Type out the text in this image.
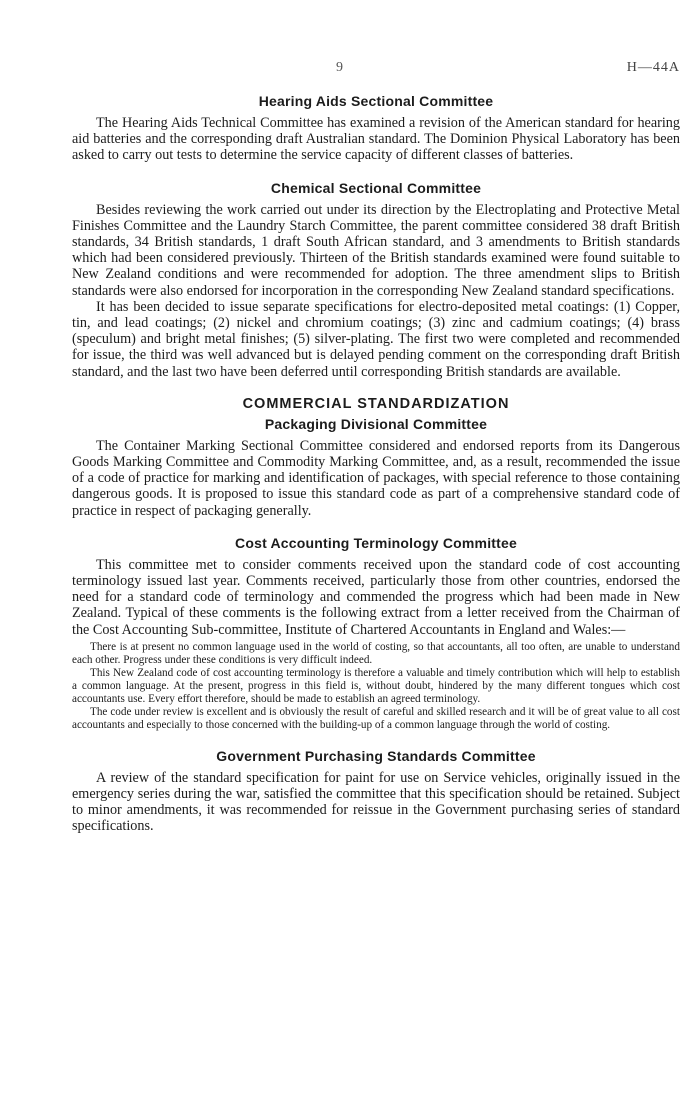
9	H—44A
Hearing Aids Sectional Committee

The Hearing Aids Technical Committee has examined a revision of the American standard for hearing aid batteries and the corresponding draft Australian standard. The Dominion Physical Laboratory has been asked to carry out tests to determine the service capacity of different classes of batteries.

Chemical Sectional Committee

Besides reviewing the work carried out under its direction by the Electroplating and Protective Metal Finishes Committee and the Laundry Starch Committee, the parent committee considered 38 draft British standards, 34 British standards, 1 draft South African standard, and 3 amendments to British standards which had been considered previously. Thirteen of the British standards examined were found suitable to New Zealand conditions and were recommended for adoption. The three amendment slips to British standards were also endorsed for incorporation in the corresponding New Zealand standard specifications.

It has been decided to issue separate specifications for electro-deposited metal coatings: (1) Copper, tin, and lead coatings; (2) nickel and chromium coatings; (3) zinc and cadmium coatings; (4) brass (speculum) and bright metal finishes; (5) silver-plating. The first two were completed and recommended for issue, the third was well advanced but is delayed pending comment on the corresponding draft British standard, and the last two have been deferred until corresponding British standards are available.

COMMERCIAL STANDARDIZATION
Packaging Divisional Committee

The Container Marking Sectional Committee considered and endorsed reports from its Dangerous Goods Marking Committee and Commodity Marking Committee, and, as a result, recommended the issue of a code of practice for marking and identification of packages, with special reference to those containing dangerous goods. It is proposed to issue this standard code as part of a comprehensive standard code of practice in respect of packaging generally.

Cost Accounting Terminology Committee

This committee met to consider comments received upon the standard code of cost accounting terminology issued last year. Comments received, particularly those from other countries, endorsed the need for a standard code of terminology and commended the progress which had been made in New Zealand. Typical of these comments is the following extract from a letter received from the Chairman of the Cost Accounting Sub-committee, Institute of Chartered Accountants in England and Wales:—

There is at present no common language used in the world of costing, so that accountants, all too often, are unable to understand each other. Progress under these conditions is very difficult indeed.

This New Zealand code of cost accounting terminology is therefore a valuable and timely contribution which will help to establish a common language. At the present, progress in this field is, without doubt, hindered by the many different tongues which cost accountants use. Every effort therefore, should be made to establish an agreed terminology.

The code under review is excellent and is obviously the result of careful and skilled research and it will be of great value to all cost accountants and especially to those concerned with the building-up of a common language through the world of costing.

Government Purchasing Standards Committee

A review of the standard specification for paint for use on Service vehicles, originally issued in the emergency series during the war, satisfied the committee that this specification should be retained. Subject to minor amendments, it was recommended for reissue in the Government purchasing series of standard specifications.
